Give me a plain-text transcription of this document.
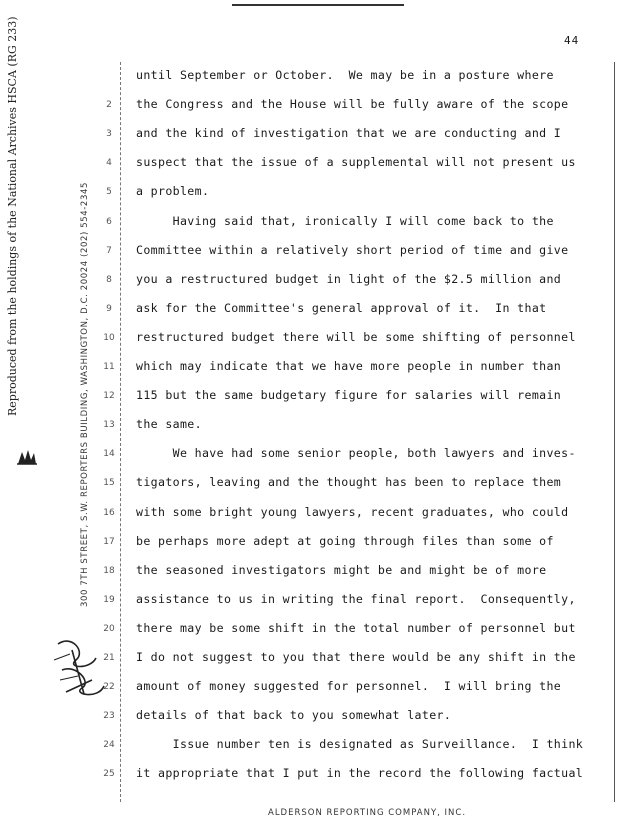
44
Reproduced from the holdings of the National Archives HSCA (RG 233)	300 7TH STREET, S.W. REPORTERS BUILDING, WASHINGTON, D.C. 20024 (202) 554-2345
2
3
4
5
6
7
8
9
10
11
12
13
14
15
16
17
18
19
20
21
22
23
24
25
until September or October.  We may be in a posture where
the Congress and the House will be fully aware of the scope
and the kind of investigation that we are conducting and I
suspect that the issue of a supplemental will not present us
a problem.
Having said that, ironically I will come back to the
Committee within a relatively short period of time and give
you a restructured budget in light of the $2.5 million and
ask for the Committee's general approval of it.  In that
restructured budget there will be some shifting of personnel
which may indicate that we have more people in number than
115 but the same budgetary figure for salaries will remain
the same.
We have had some senior people, both lawyers and inves-
tigators, leaving and the thought has been to replace them
with some bright young lawyers, recent graduates, who could
be perhaps more adept at going through files than some of
the seasoned investigators might be and might be of more
assistance to us in writing the final report.  Consequently,
there may be some shift in the total number of personnel but
I do not suggest to you that there would be any shift in the
amount of money suggested for personnel.  I will bring the
details of that back to you somewhat later.
Issue number ten is designated as Surveillance.  I think
it appropriate that I put in the record the following factual
ALDERSON REPORTING COMPANY, INC.
